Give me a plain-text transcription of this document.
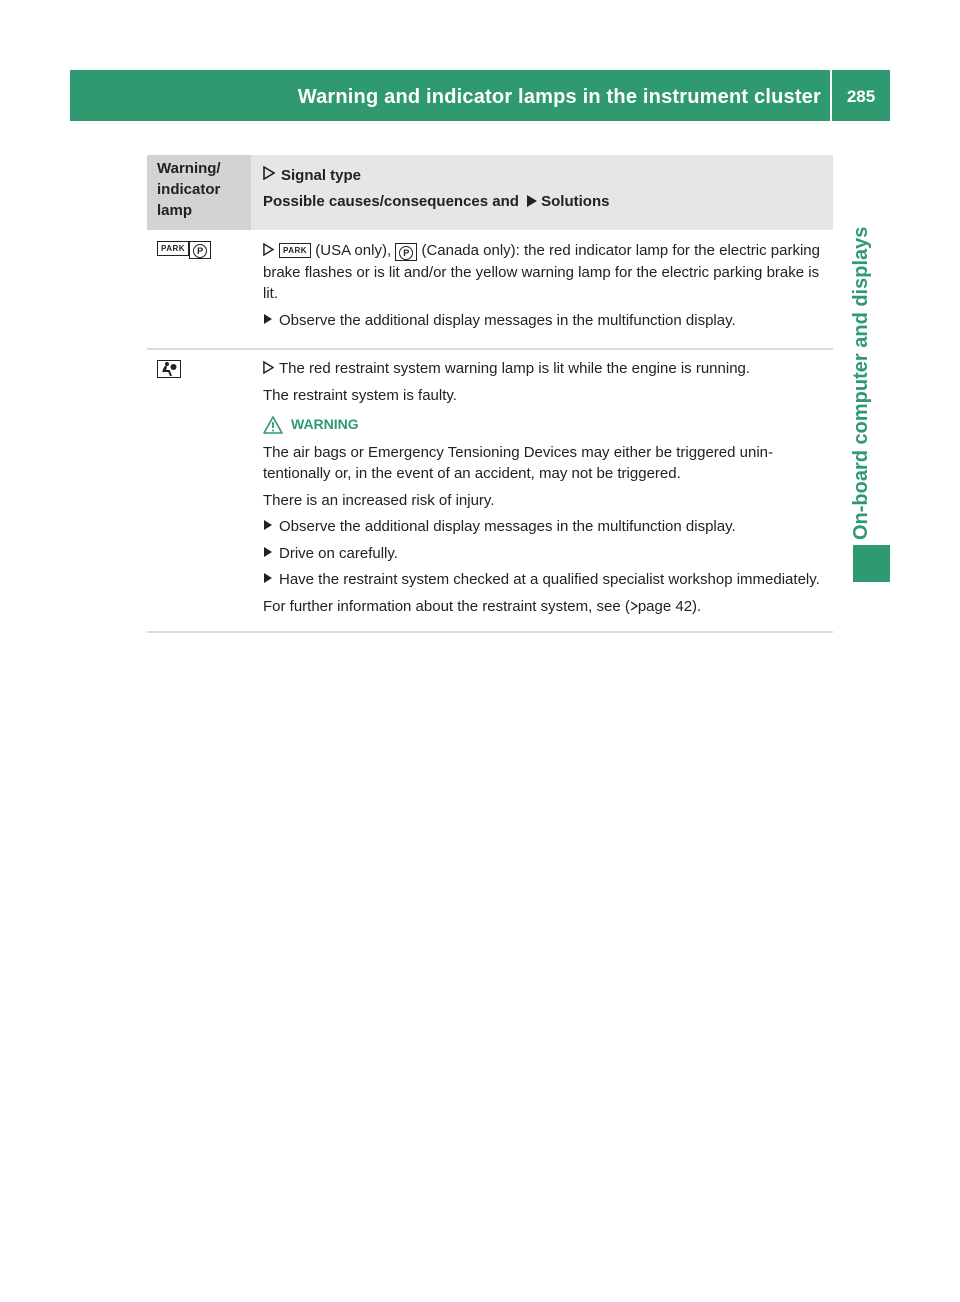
Warning and indicator lamps in the instrument cluster	285
On-board computer and displays
Warning/ indicator lamp
Signal type
Possible causes/consequences and Solutions
PARK P	PARK (USA only), P (Canada only): the red indicator lamp for the electric parking brake flashes or is lit and/or the yellow warning lamp for the electric parking brake is lit.

Observe the additional display messages in the multifunction display.

The red restraint system warning lamp is lit while the engine is running.

The restraint system is faulty.

WARNING

The air bags or Emergency Tensioning Devices may either be triggered unintentionally or, in the event of an accident, may not be triggered.

There is an increased risk of injury.

Observe the additional display messages in the multifunction display.
Drive on carefully.
Have the restraint system checked at a qualified specialist workshop immediately.

For further information about the restraint system, see ( page 42).
